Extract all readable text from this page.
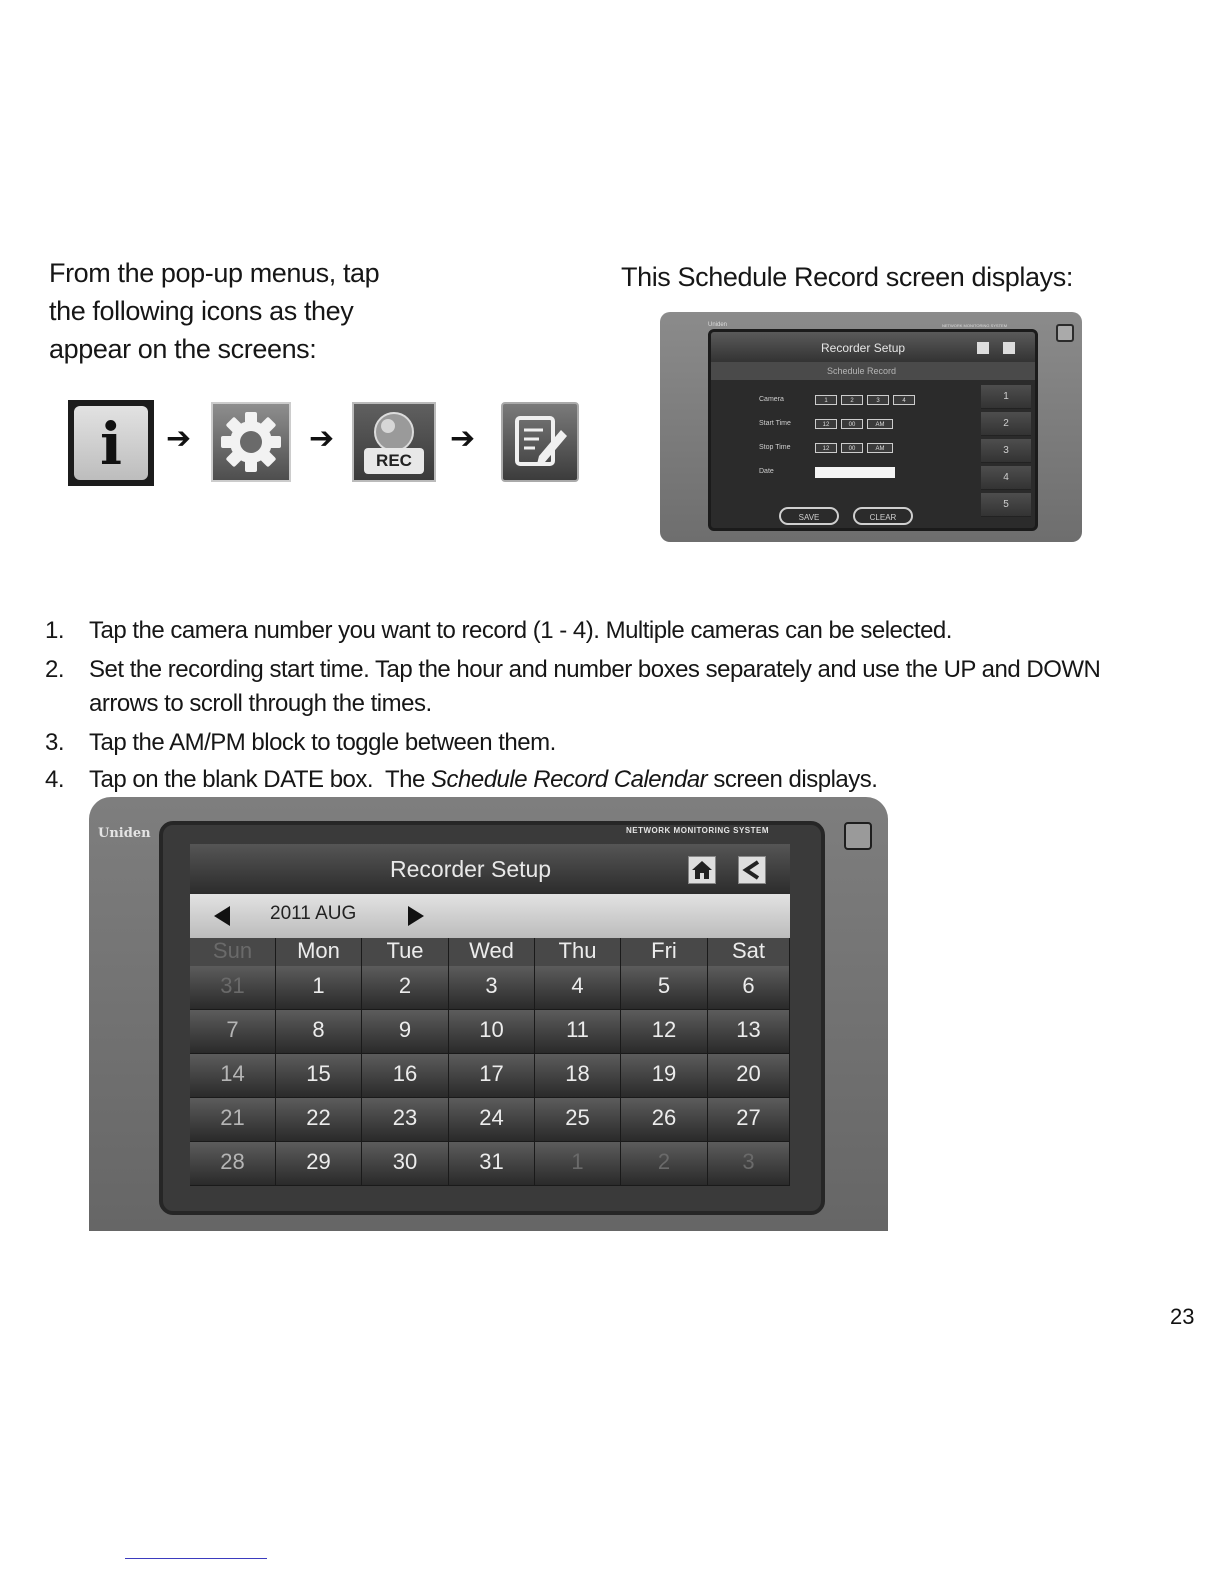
From the pop-up menus, tap
the following icons as they
appear on the screens:
This Schedule Record screen displays:
i	➔	➔
REC
➔
Uniden	NETWORK MONITORING SYSTEM
Recorder Setup
Schedule Record
Camera	1	2	3	4
Start Time	12	00	AM
Stop Time	12	00	AM
Date
1
2
3
4
5
SAVE	CLEAR
1. Tap the camera number you want to record (1 - 4). Multiple cameras can be selected.
2. Set the recording start time. Tap the hour and number boxes separately and use the UP and DOWN arrows to scroll through the times.
3. Tap the AM/PM block to toggle between them.
4. Tap on the blank DATE box.  The Schedule Record Calendar screen displays.
Uniden	NETWORK MONITORING SYSTEM
Recorder Setup
2011 AUG
Sun	Mon	Tue	Wed	Thu	Fri	Sat
31	1	2	3	4	5	6
7	8	9	10	11	12	13
14	15	16	17	18	19	20
21	22	23	24	25	26	27
28	29	30	31	1	2	3
23
